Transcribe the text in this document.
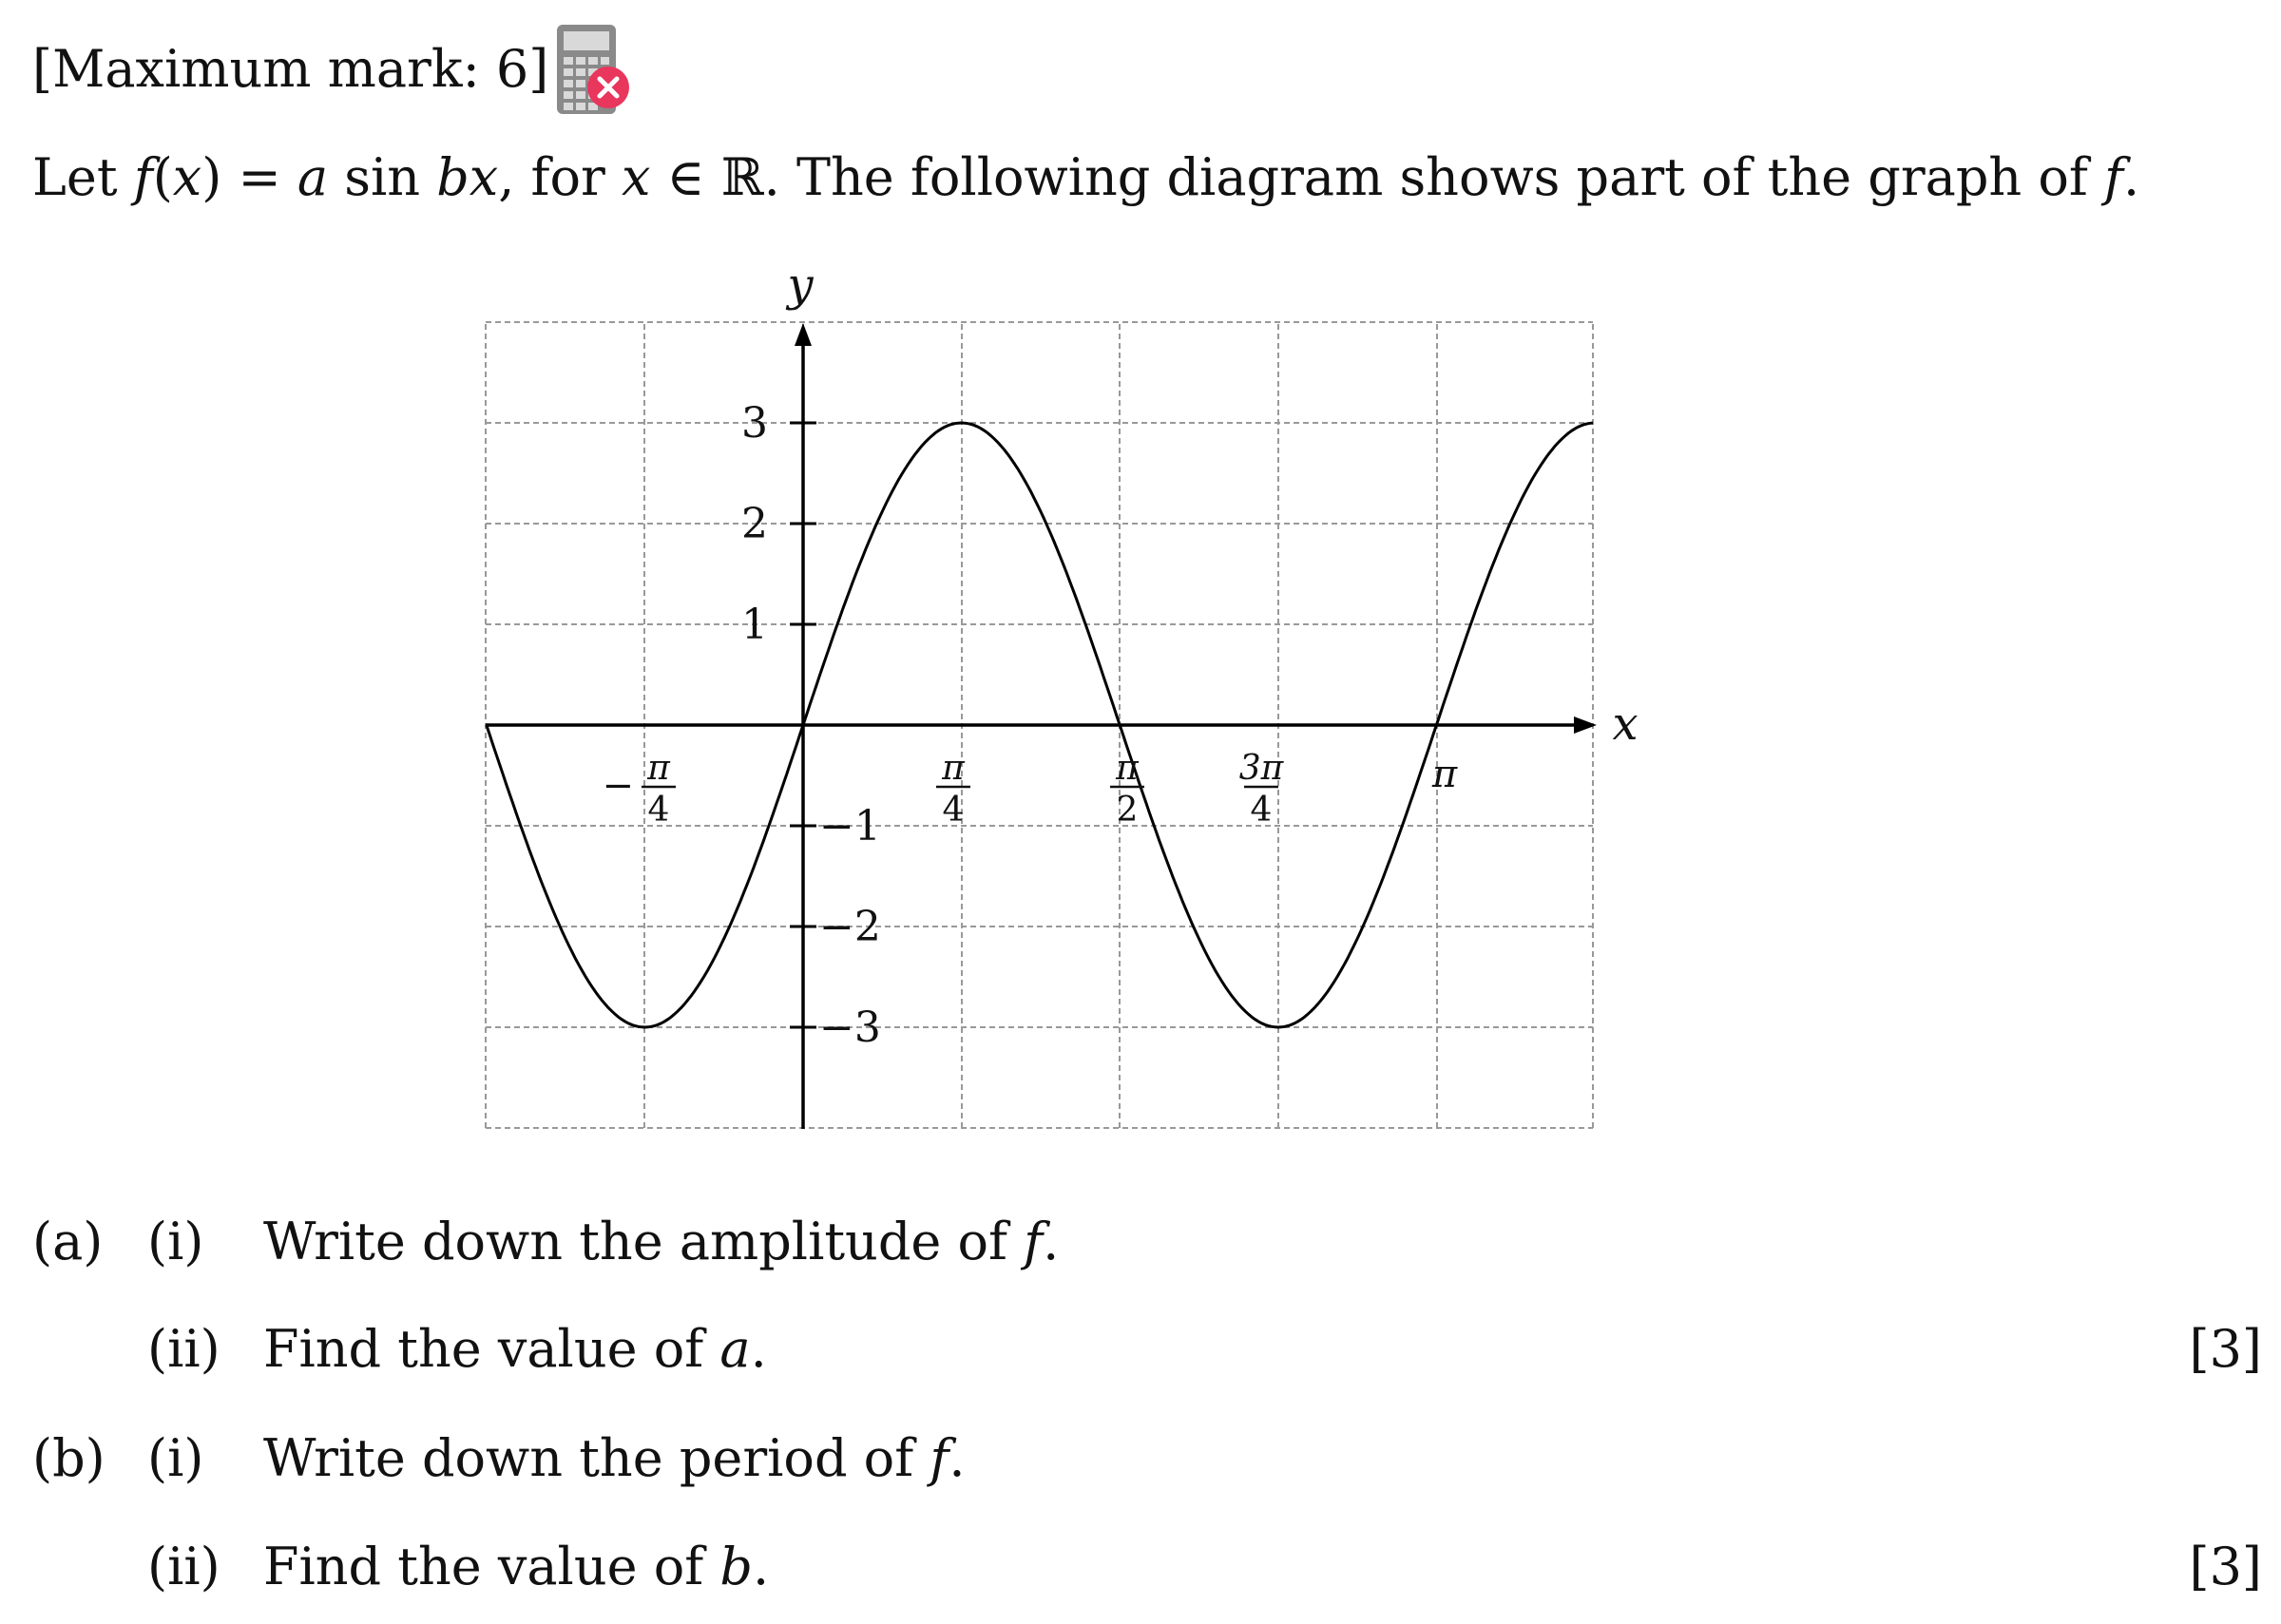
[Maximum mark: 6]
Let f(x) = a sin bx, for x ∈ ℝ. The following diagram shows part of the graph of f.
x
y
3
2
1
−1
−2
−3
π
4
−	π
4
π
2
3π
4
π
(a) (i) Write down the amplitude of f.
(ii) Find the value of a.	[3]
(b) (i) Write down the period of f.
(ii) Find the value of b.	[3]
